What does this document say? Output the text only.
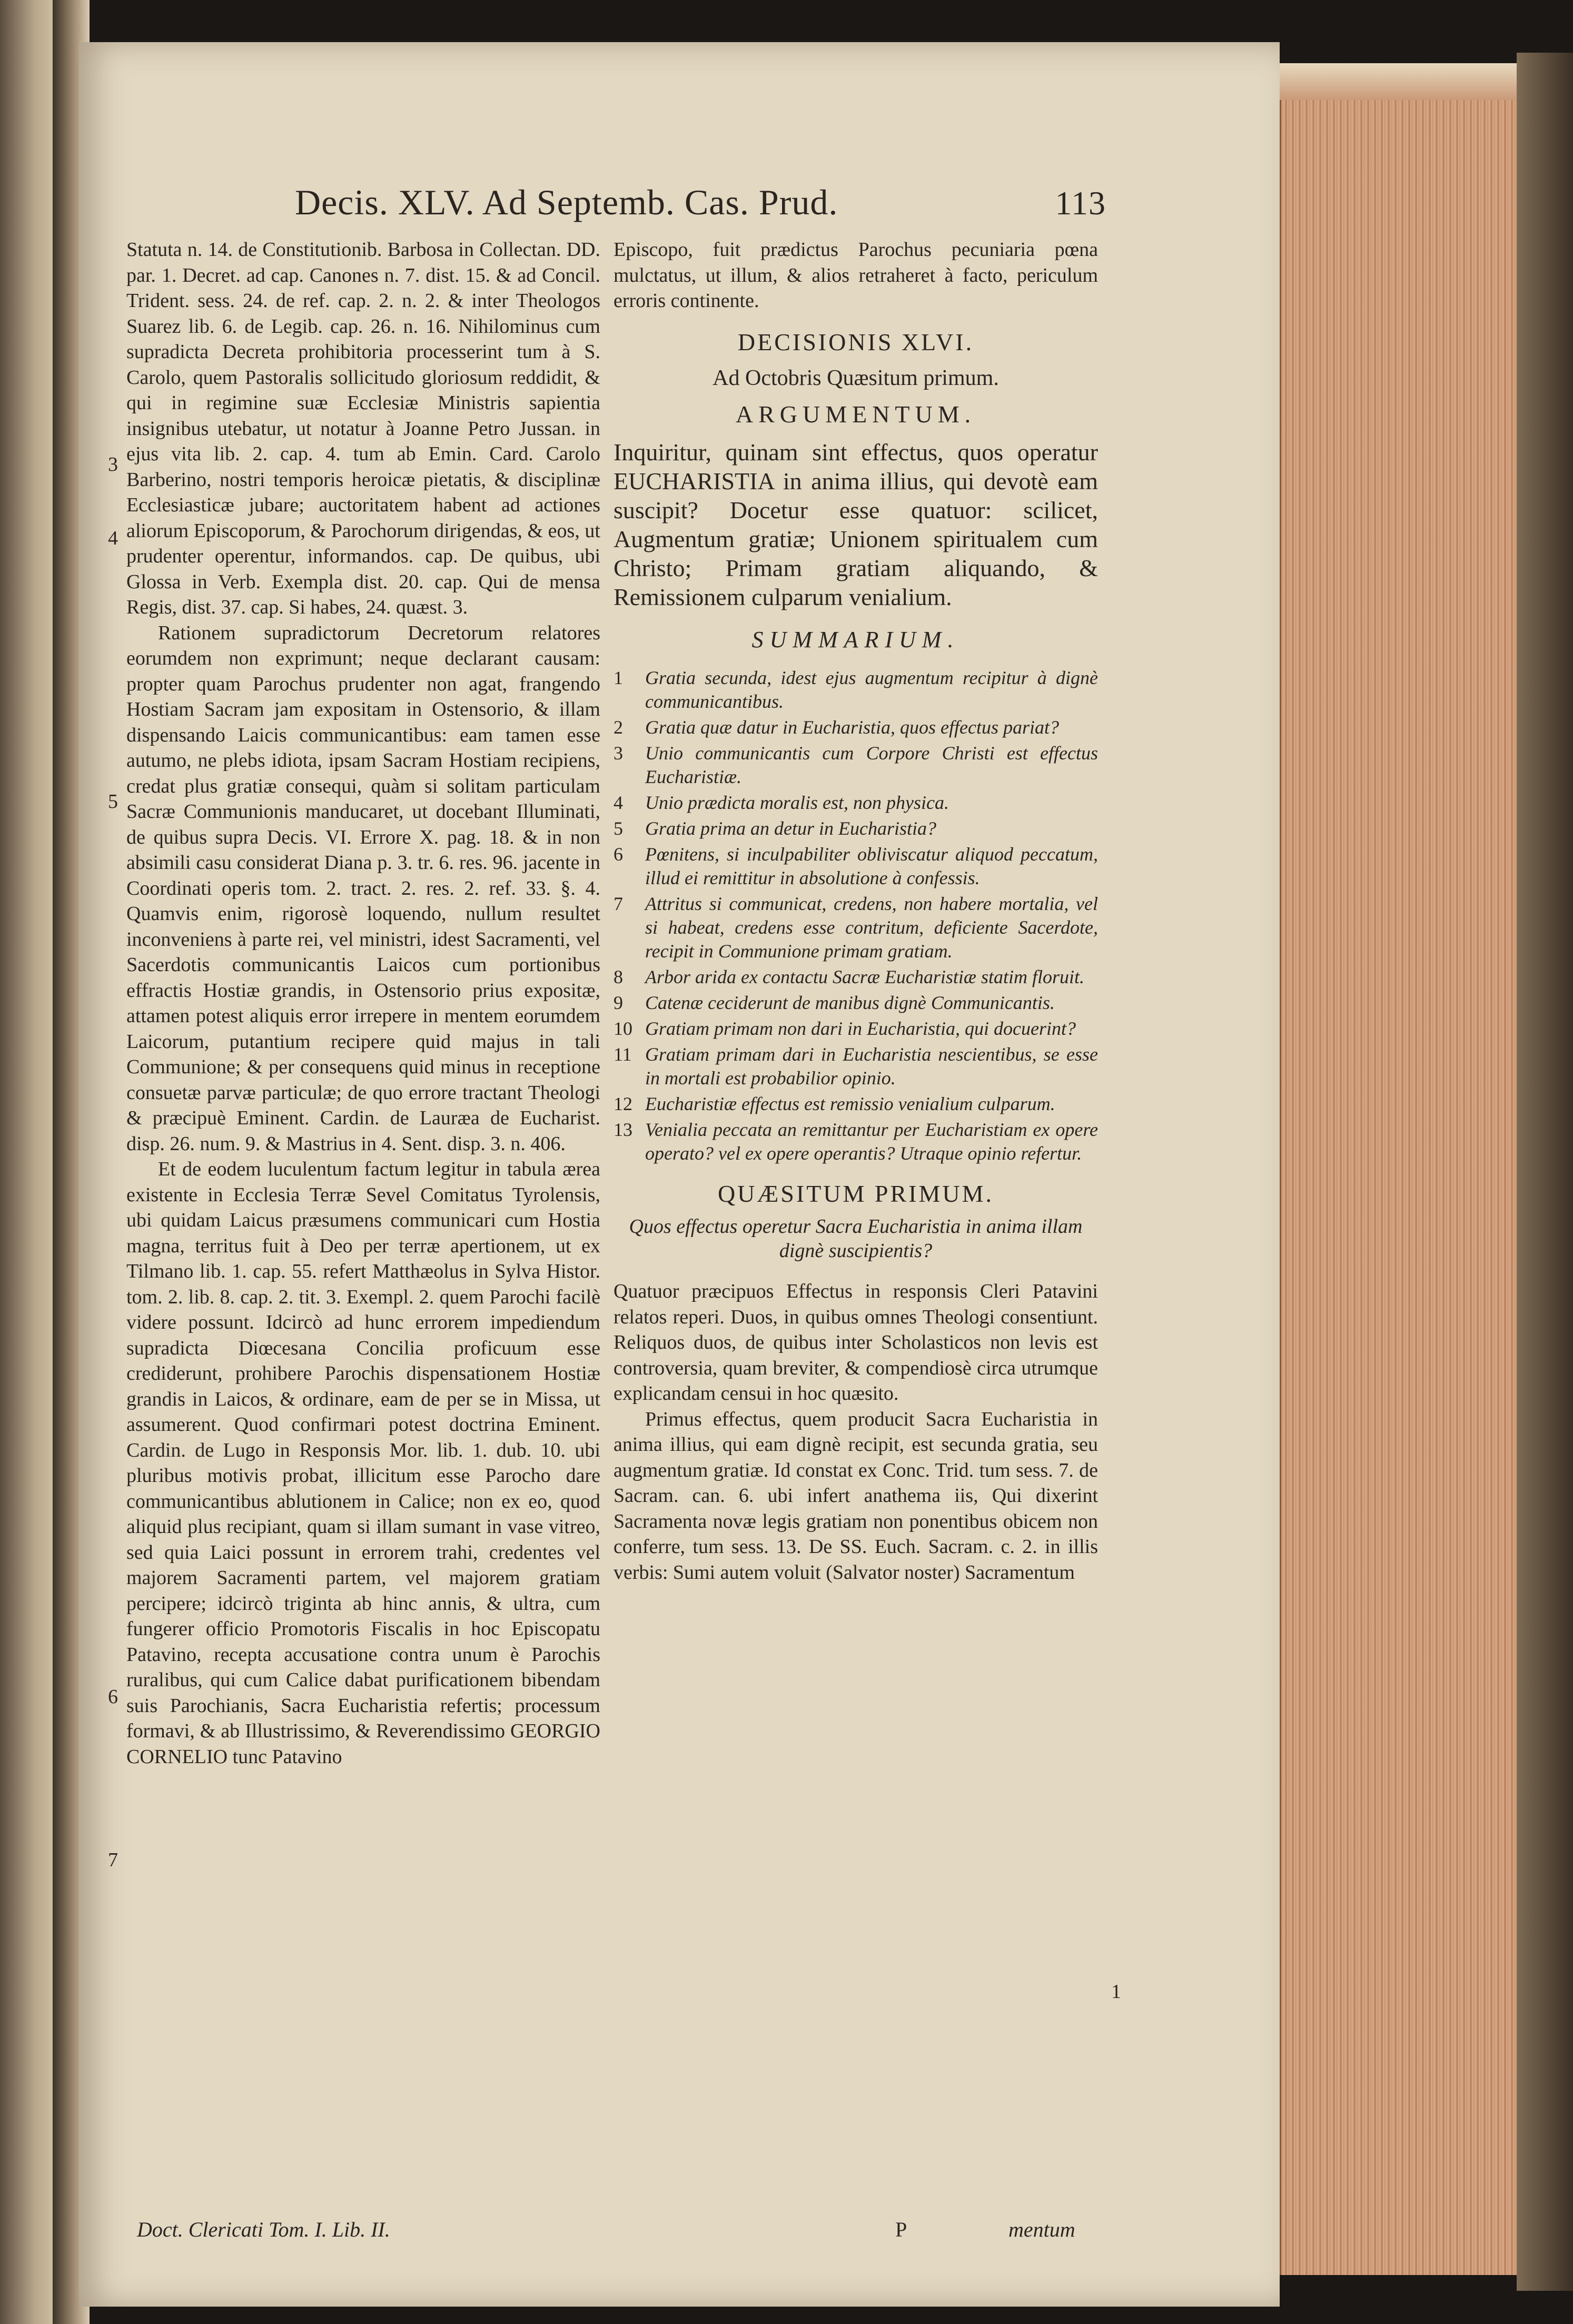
Decis. XLV. Ad Septemb. Cas. Prud.	113

Statuta n. 14. de Constitutionib. Barbosa in Collectan. DD. par. 1. Decret. ad cap. Canones n. 7. dist. 15. & ad Concil. Trident. sess. 24. de ref. cap. 2. n. 2. & inter Theologos Suarez lib. 6. de Legib. cap. 26. n. 16. Nihilominus cum supradicta Decreta prohibitoria processerint tum à S. Carolo, quem Pastoralis sollicitudo gloriosum reddidit, & qui in regimine suæ Ecclesiæ Ministris sapientia insignibus utebatur, ut notatur à Joanne Petro Jussan. in ejus vita lib. 2. cap. 4. tum ab Emin. Card. Carolo Barberino, nostri temporis heroicæ pietatis, & disciplinæ Ecclesiasticæ jubare; auctoritatem habent ad actiones aliorum Episcoporum, & Parochorum dirigendas, & eos, ut prudenter operentur, informandos. cap. De quibus, ubi Glossa in Verb. Exempla dist. 20. cap. Qui de mensa Regis, dist. 37. cap. Si habes, 24. quæst. 3.

Rationem supradictorum Decretorum relatores eorumdem non exprimunt; neque declarant causam: propter quam Parochus prudenter non agat, frangendo Hostiam Sacram jam expositam in Ostensorio, & illam dispensando Laicis communicantibus: eam tamen esse autumo, ne plebs idiota, ipsam Sacram Hostiam recipiens, credat plus gratiæ consequi, quàm si solitam particulam Sacræ Communionis manducaret, ut docebant Illuminati, de quibus supra Decis. VI. Errore X. pag. 18. & in non absimili casu considerat Diana p. 3. tr. 6. res. 96. jacente in Coordinati operis tom. 2. tract. 2. res. 2. ref. 33. §. 4. Quamvis enim, rigorosè loquendo, nullum resultet inconveniens à parte rei, vel ministri, idest Sacramenti, vel Sacerdotis communicantis Laicos cum portionibus effractis Hostiæ grandis, in Ostensorio prius expositæ, attamen potest aliquis error irrepere in mentem eorumdem Laicorum, putantium recipere quid majus in tali Communione; & per consequens quid minus in receptione consuetæ parvæ particulæ; de quo errore tractant Theologi & præcipuè Eminent. Cardin. de Lauræa de Eucharist. disp. 26. num. 9. & Mastrius in 4. Sent. disp. 3. n. 406.

Et de eodem luculentum factum legitur in tabula ærea existente in Ecclesia Terræ Sevel Comitatus Tyrolensis, ubi quidam Laicus præsumens communicari cum Hostia magna, territus fuit à Deo per terræ apertionem, ut ex Tilmano lib. 1. cap. 55. refert Matthæolus in Sylva Histor. tom. 2. lib. 8. cap. 2. tit. 3. Exempl. 2. quem Parochi facilè videre possunt. Idcircò ad hunc errorem impediendum supradicta Diœcesana Concilia proficuum esse crediderunt, prohibere Parochis dispensationem Hostiæ grandis in Laicos, & ordinare, eam de per se in Missa, ut assumerent. Quod confirmari potest doctrina Eminent. Cardin. de Lugo in Responsis Mor. lib. 1. dub. 10. ubi pluribus motivis probat, illicitum esse Parocho dare communicantibus ablutionem in Calice; non ex eo, quod aliquid plus recipiant, quam si illam sumant in vase vitreo, sed quia Laici possunt in errorem trahi, credentes vel majorem Sacramenti partem, vel majorem gratiam percipere; idcircò triginta ab hinc annis, & ultra, cum fungerer officio Promotoris Fiscalis in hoc Episcopatu Patavino, recepta accusatione contra unum è Parochis ruralibus, qui cum Calice dabat purificationem bibendam suis Parochianis, Sacra Eucharistia refertis; processum formavi, & ab Illustrissimo, & Reverendissimo GEORGIO CORNELIO tunc Patavino

3
4
5
6
7

Episcopo, fuit prædictus Parochus pecuniaria pœna mulctatus, ut illum, & alios retraheret à facto, periculum erroris continente.

DECISIONIS XLVI.
Ad Octobris Quæsitum primum.
ARGUMENTUM.
Inquiritur, quinam sint effectus, quos operatur EUCHARISTIA in anima illius, qui devotè eam suscipit? Docetur esse quatuor: scilicet, Augmentum gratiæ; Unionem spiritualem cum Christo; Primam gratiam aliquando, & Remissionem culparum venialium.
SUMMARIUM.
1	Gratia secunda, idest ejus augmentum recipitur à dignè communicantibus.
2	Gratia quæ datur in Eucharistia, quos effectus pariat?
3	Unio communicantis cum Corpore Christi est effectus Eucharistiæ.
4	Unio prædicta moralis est, non physica.
5	Gratia prima an detur in Eucharistia?
6	Pœnitens, si inculpabiliter obliviscatur aliquod peccatum, illud ei remittitur in absolutione à confessis.
7	Attritus si communicat, credens, non habere mortalia, vel si habeat, credens esse contritum, deficiente Sacerdote, recipit in Communione primam gratiam.
8	Arbor arida ex contactu Sacræ Eucharistiæ statim floruit.
9	Catenæ ceciderunt de manibus dignè Communicantis.
10 Gratiam primam non dari in Eucharistia, qui docuerint?
11 Gratiam primam dari in Eucharistia nescientibus, se esse in mortali est probabilior opinio.
12 Eucharistiæ effectus est remissio venialium culparum.
13 Venialia peccata an remittantur per Eucharistiam ex opere operato? vel ex opere operantis? Utraque opinio refertur.
QUÆSITUM PRIMUM.
Quos effectus operetur Sacra Eucharistia in anima illam dignè suscipientis?

Quatuor præcipuos Effectus in responsis Cleri Patavini relatos reperi. Duos, in quibus omnes Theologi consentiunt. Reliquos duos, de quibus inter Scholasticos non levis est controversia, quam breviter, & compendiosè circa utrumque explicandam censui in hoc quæsito.

Primus effectus, quem producit Sacra Eucharistia in anima illius, qui eam dignè recipit, est secunda gratia, seu augmentum gratiæ. Id constat ex Conc. Trid. tum sess. 7. de Sacram. can. 6. ubi infert anathema iis, Qui dixerint Sacramenta novæ legis gratiam non ponentibus obicem non conferre, tum sess. 13. De SS. Euch. Sacram. c. 2. in illis verbis: Sumi autem voluit (Salvator noster) Sacramentum

1
Doct. Clericati Tom. I. Lib. II.	P	mentum
